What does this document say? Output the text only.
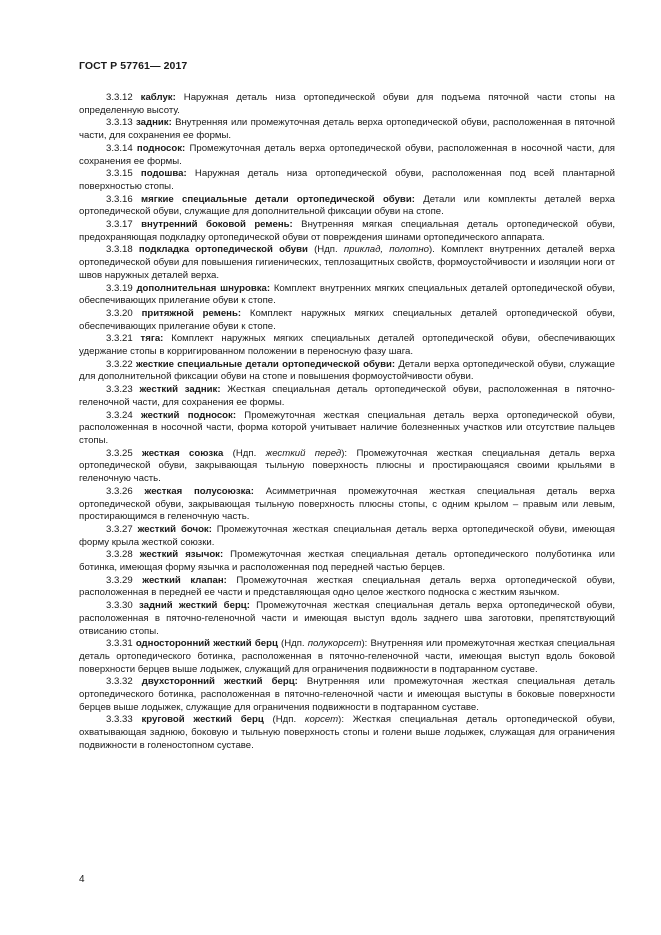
ГОСТ Р 57761— 2017

3.3.12 каблук: Наружная деталь низа ортопедической обуви для подъема пяточной части стопы на определенную высоту.

3.3.13 задник: Внутренняя или промежуточная деталь верха ортопедической обуви, расположенная в пяточной части, для сохранения ее формы.

3.3.14 подносок: Промежуточная деталь верха ортопедической обуви, расположенная в носочной части, для сохранения ее формы.

3.3.15 подошва: Наружная деталь низа ортопедической обуви, расположенная под всей плантарной поверхностью стопы.

3.3.16 мягкие специальные детали ортопедической обуви: Детали или комплекты деталей верха ортопедической обуви, служащие для дополнительной фиксации обуви на стопе.

3.3.17 внутренний боковой ремень: Внутренняя мягкая специальная деталь ортопедической обуви, предохраняющая подкладку ортопедической обуви от повреждения шинами ортопедического аппарата.

3.3.18 подкладка ортопедической обуви (Ндп. приклад, полотно). Комплект внутренних деталей верха ортопедической обуви для повышения гигиенических, теплозащитных свойств, формоустойчивости и изоляции ноги от швов наружных деталей верха.

3.3.19 дополнительная шнуровка: Комплект внутренних мягких специальных деталей ортопедической обуви, обеспечивающих прилегание обуви к стопе.

3.3.20 притяжной ремень: Комплект наружных мягких специальных деталей ортопедической обуви, обеспечивающих прилегание обуви к стопе.

3.3.21 тяга: Комплект наружных мягких специальных деталей ортопедической обуви, обеспечивающих удержание стопы в корригированном положении в переносную фазу шага.

3.3.22 жесткие специальные детали ортопедической обуви: Детали верха ортопедической обуви, служащие для дополнительной фиксации обуви на стопе и повышения формоустойчивости обуви.

3.3.23 жесткий задник: Жесткая специальная деталь ортопедической обуви, расположенная в пяточно-геленочной части, для сохранения ее формы.

3.3.24 жесткий подносок: Промежуточная жесткая специальная деталь верха ортопедической обуви, расположенная в носочной части, форма которой учитывает наличие болезненных участков или отсутствие пальцев стопы.

3.3.25 жесткая союзка (Ндп. жесткий перед): Промежуточная жесткая специальная деталь верха ортопедической обуви, закрывающая тыльную поверхность плюсны и простирающаяся своими крыльями в геленочную часть.

3.3.26 жесткая полусоюзка: Асимметричная промежуточная жесткая специальная деталь верха ортопедической обуви, закрывающая тыльную поверхность плюсны стопы, с одним крылом – правым или левым, простирающимся в геленочную часть.

3.3.27 жесткий бочок: Промежуточная жесткая специальная деталь верха ортопедической обуви, имеющая форму крыла жесткой союзки.

3.3.28 жесткий язычок: Промежуточная жесткая специальная деталь ортопедического полуботинка или ботинка, имеющая форму язычка и расположенная под передней частью берцев.

3.3.29 жесткий клапан: Промежуточная жесткая специальная деталь верха ортопедической обуви, расположенная в передней ее части и представляющая одно целое жесткого подноска с жестким язычком.

3.3.30 задний жесткий берц: Промежуточная жесткая специальная деталь верха ортопедической обуви, расположенная в пяточно-геленочной части и имеющая выступ вдоль заднего шва заготовки, препятствующий отвисанию стопы.

3.3.31 односторонний жесткий берц (Ндп. полукорсет): Внутренняя или промежуточная жесткая специальная деталь ортопедического ботинка, расположенная в пяточно-геленочной части, имеющая выступ вдоль боковой поверхности берцев выше лодыжек, служащий для ограничения подвижности в подтаранном суставе.

3.3.32 двухсторонний жесткий берц: Внутренняя или промежуточная жесткая специальная деталь ортопедического ботинка, расположенная в пяточно-геленочной части и имеющая выступы в боковые поверхности берцев выше лодыжек, служащие для ограничения подвижности в подтаранном суставе.

3.3.33 круговой жесткий берц (Ндп. корсет): Жесткая специальная деталь ортопедической обуви, охватывающая заднюю, боковую и тыльную поверхность стопы и голени выше лодыжек, служащая для ограничения подвижности в голеностопном суставе.

4
